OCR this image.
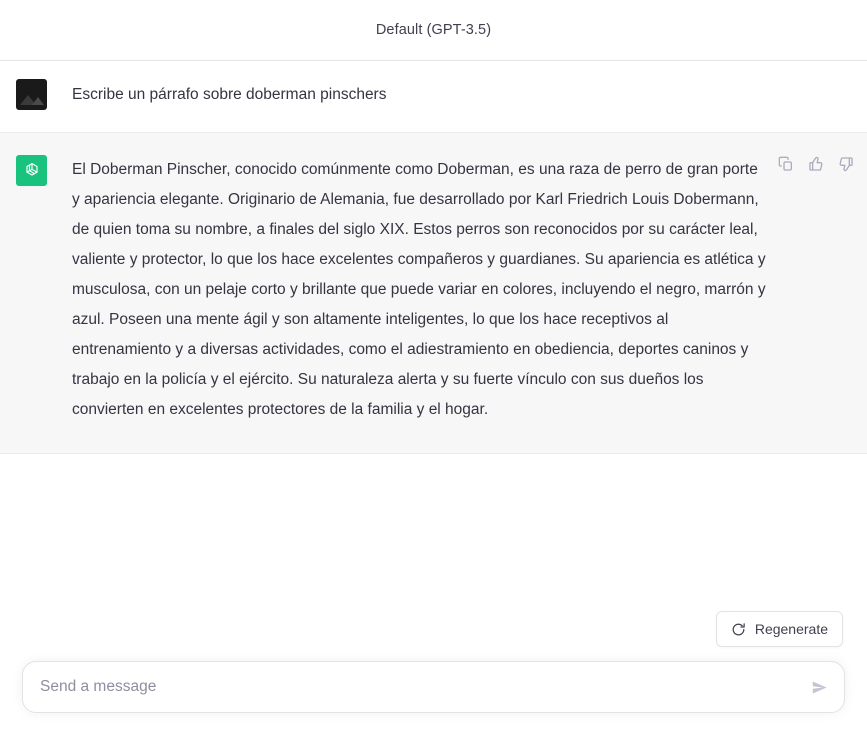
Default (GPT-3.5)
Escribe un párrafo sobre doberman pinschers

El Doberman Pinscher, conocido comúnmente como Doberman, es una raza de perro de gran porte y apariencia elegante. Originario de Alemania, fue desarrollado por Karl Friedrich Louis Dobermann, de quien toma su nombre, a finales del siglo XIX. Estos perros son reconocidos por su carácter leal, valiente y protector, lo que los hace excelentes compañeros y guardianes. Su apariencia es atlética y musculosa, con un pelaje corto y brillante que puede variar en colores, incluyendo el negro, marrón y azul. Poseen una mente ágil y son altamente inteligentes, lo que los hace receptivos al entrenamiento y a diversas actividades, como el adiestramiento en obediencia, deportes caninos y trabajo en la policía y el ejército. Su naturaleza alerta y su fuerte vínculo con sus dueños los convierten en excelentes protectores de la familia y el hogar.

Regenerate
Send a message
